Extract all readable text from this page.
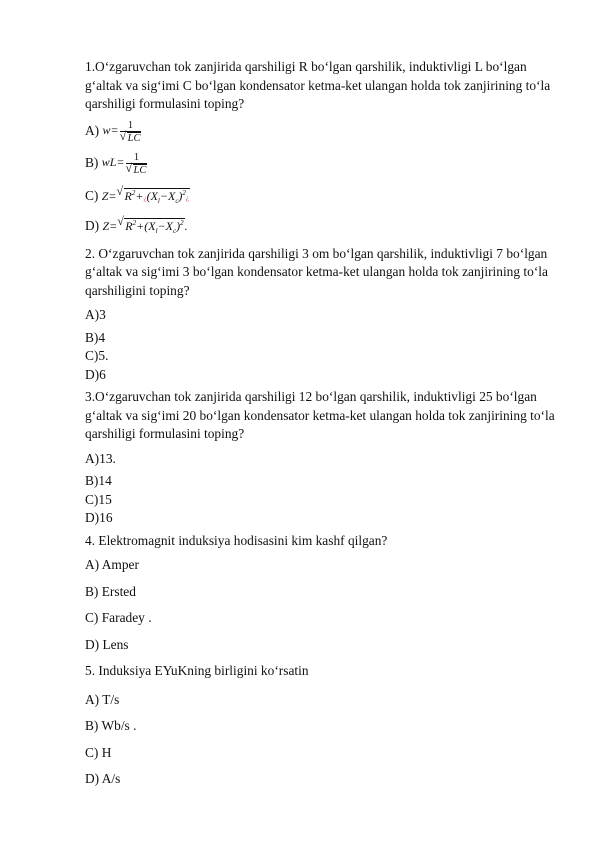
1.O‘zgaruvchan tok zanjirida qarshiligi R bo‘lgan qarshilik, induktivligi L bo‘lgan g‘altak va sig‘imi C bo‘lgan kondensator ketma-ket ulangan holda tok zanjirining to‘la qarshiligi formulasini toping?

A) $w= \frac{1}{√ LC}$

B) $wL= \frac{1}{√ LC}$

C) Z= √ $R^2+¿(X_l-X_c)^2¿$

D) Z= √ $R^2+(X_l-X_c)^2$.

2. O‘zgaruvchan tok zanjirida qarshiligi 3 om bo‘lgan qarshilik, induktivligi 7 bo‘lgan g‘altak va sig‘imi 3 bo‘lgan kondensator ketma-ket ulangan holda tok zanjirining to‘la qarshiligini toping?

A)3

B)4

C)5.

D)6

3.O‘zgaruvchan tok zanjirida qarshiligi 12 bo‘lgan qarshilik, induktivligi 25 bo‘lgan g‘altak va sig‘imi 20 bo‘lgan kondensator ketma-ket ulangan holda tok zanjirining to‘la qarshiligi formulasini toping?

A)13.

B)14

C)15

D)16

4. Elektromagnit induksiya hodisasini kim kashf qilgan?

A) Amper

B) Ersted

C) Faradey .

D) Lens

5. Induksiya EYuKning birligini ko‘rsatin

A) T/s

B) Wb/s .

C) H

D) A/s
